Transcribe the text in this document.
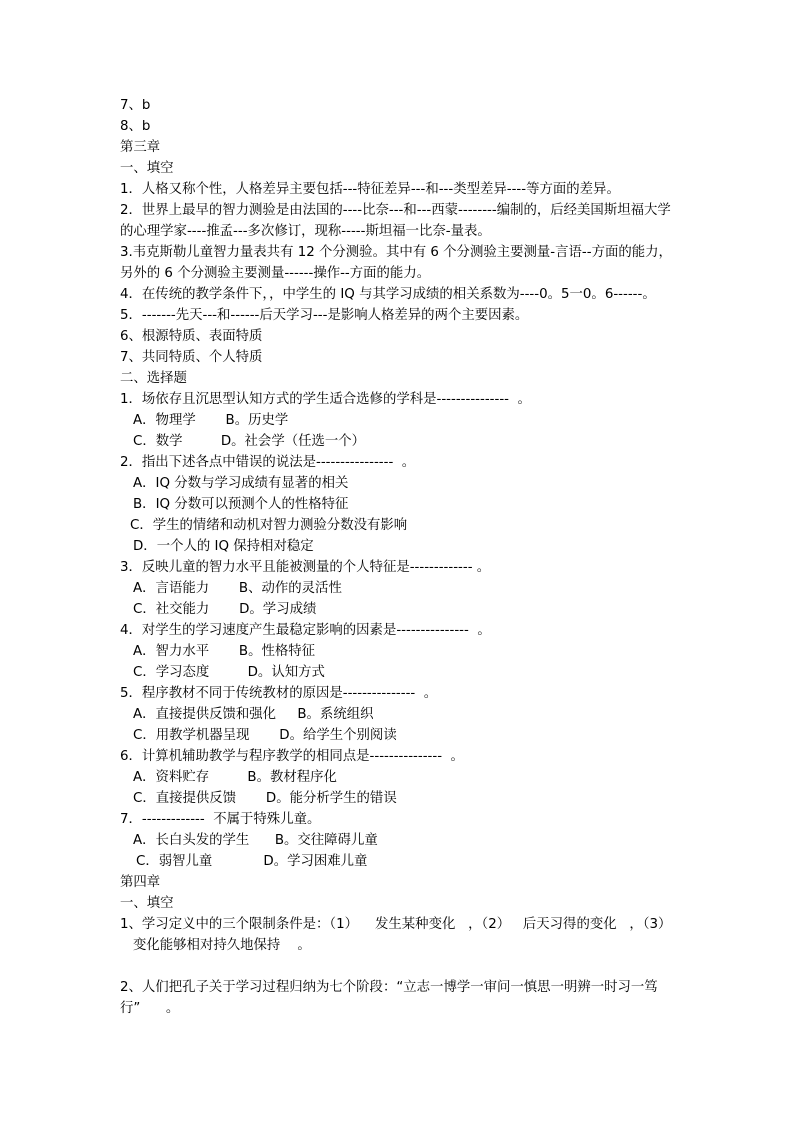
7、b
8、b
第三章
一、填空
1．人格又称个性，人格差异主要包括---特征差异---和---类型差异----等方面的差异。
2．世界上最早的智力测验是由法国的----比奈---和---西蒙--------编制的，后经美国斯坦福大学
的心理学家----推孟---多次修订，现称-----斯坦福一比奈-量表。
3.韦克斯勒儿童智力量表共有 12 个分测验。其中有 6 个分测验主要测量-言语--方面的能力，
另外的 6 个分测验主要测量------操作--方面的能力。
4．在传统的教学条件下，，中学生的 IQ 与其学习成绩的相关系数为----0。5一0。6------。
5．-------先天---和------后天学习---是影响人格差异的两个主要因素。
6、根源特质、表面特质
7、共同特质、个人特质
二、选择题
1．场依存且沉思型认知方式的学生适合选修的学科是---------------  。
A．物理学       B。历史学
C．数学         D。社会学（任选一个）
2．指出下述各点中错误的说法是----------------  。
A．IQ 分数与学习成绩有显著的相关
B．IQ 分数可以预测个人的性格特征
C．学生的情绪和动机对智力测验分数没有影响
D．一个人的 IQ 保持相对稳定
3．反映儿童的智力水平且能被测量的个人特征是------------- 。
A．言语能力       B、动作的灵活性
C．社交能力       D。学习成绩
4．对学生的学习速度产生最稳定影响的因素是---------------  。
A．智力水平       B。性格特征
C．学习态度         D。认知方式
5．程序教材不同于传统教材的原因是---------------  。
A．直接提供反馈和强化     B。系统组织
C．用教学机器呈现       D。给学生个别阅读
6．计算机辅助教学与程序教学的相同点是---------------  。
A．资料贮存         B。教材程序化
C．直接提供反馈       D。能分析学生的错误
7．-------------  不属于特殊儿童。
A．长白头发的学生      B。交往障碍儿童
C．弱智儿童            D。学习困难儿童
第四章
一、填空
1、学习定义中的三个限制条件是：（1）    发生某种变化   ，（2）   后天习得的变化   ，（3）
变化能够相对持久地保持    。
2、人们把孔子关于学习过程归纳为七个阶段：“立志一博学一审问一慎思一明辨一时习一笃
行”      。
